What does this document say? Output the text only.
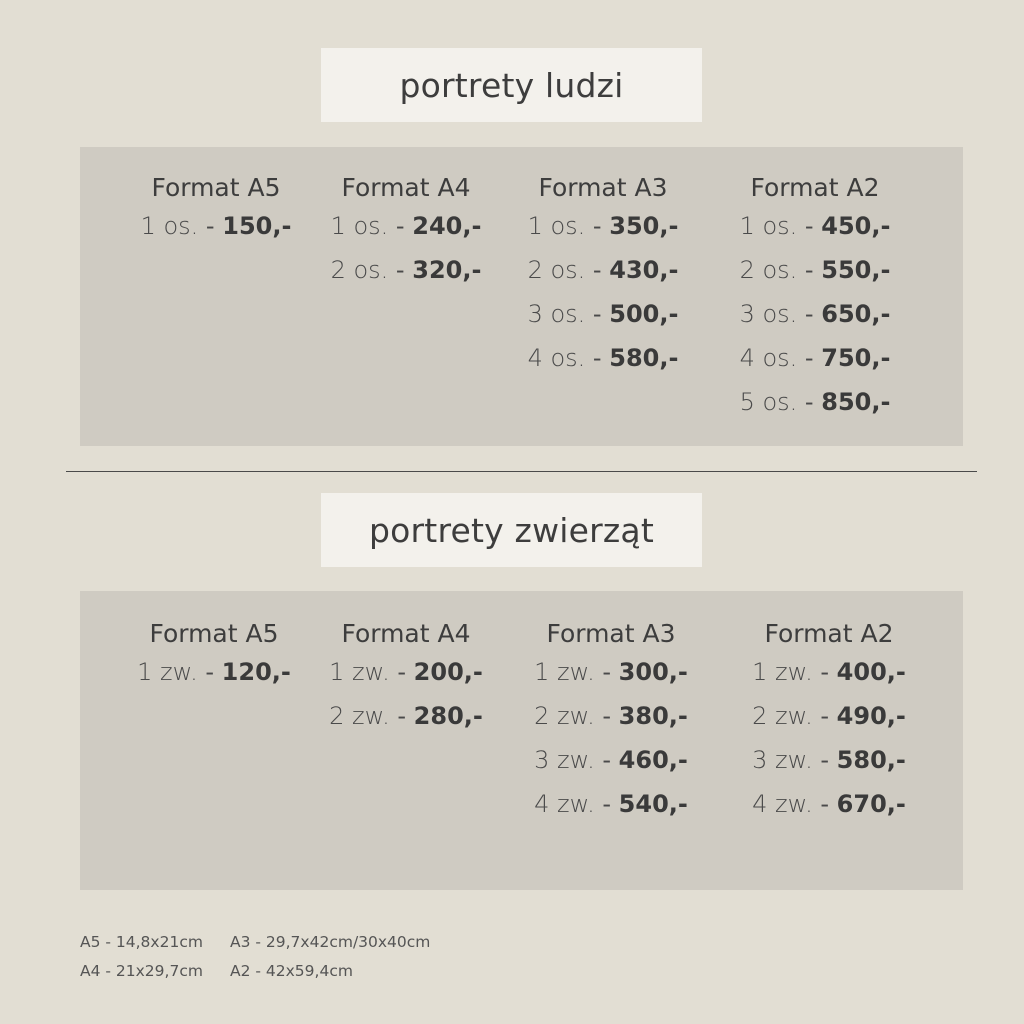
portrety ludzi
Format A5
1 os. - 150,-
Format A4
1 os. - 240,-
2 os. - 320,-
Format A3
1 os. - 350,-
2 os. - 430,-
3 os. - 500,-
4 os. - 580,-
Format A2
1 os. - 450,-
2 os. - 550,-
3 os. - 650,-
4 os. - 750,-
5 os. - 850,-
portrety zwierząt
Format A5
1 zw. - 120,-
Format A4
1 zw. - 200,-
2 zw. - 280,-
Format A3
1 zw. - 300,-
2 zw. - 380,-
3 zw. - 460,-
4 zw. - 540,-
Format A2
1 zw. - 400,-
2 zw. - 490,-
3 zw. - 580,-
4 zw. - 670,-
A5 - 14,8x21cm	A3 - 29,7x42cm/30x40cm
A4 - 21x29,7cm	A2 - 42x59,4cm
